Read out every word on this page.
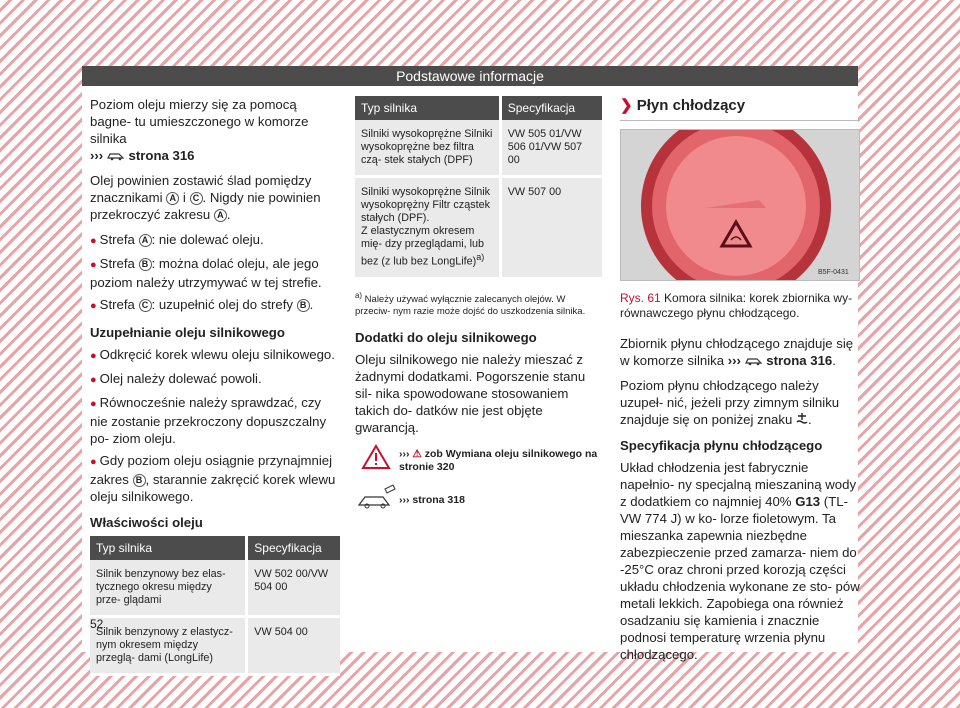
Podstawowe informacje

Poziom oleju mierzy się za pomocą bagne- tu umieszczonego w komorze silnika
››› strona 316

Olej powinien zostawić ślad pomiędzy znacznikami A i C . Nigdy nie powinien przekroczyć zakresu A .

● Strefa A : nie dolewać oleju.
● Strefa B : można dolać oleju, ale jego poziom należy utrzymywać w tej strefie.
● Strefa C : uzupełnić olej do strefy B .
Uzupełnianie oleju silnikowego
● Odkręcić korek wlewu oleju silnikowego.
● Olej należy dolewać powoli.
● Równocześnie należy sprawdzać, czy nie zostanie przekroczony dopuszczalny po- ziom oleju.
● Gdy poziom oleju osiągnie przynajmniej zakres B , starannie zakręcić korek wlewu oleju silnikowego.
Właściwości oleju
Typ silnika	Specyfikacja
Silnik benzynowy bez elas- tycznego okresu między prze- glądami	VW 502 00/VW 504 00
Silnik benzynowy z elastycz- nym okresem między przeglą- dami (LongLife)	VW 504 00
Typ silnika	Specyfikacja
Silniki wysokoprężne Silniki wysokoprężne bez filtra czą- stek stałych (DPF)	VW 505 01/VW 506 01/VW 507 00
Silniki wysokoprężne Silnik wysokoprężny Filtr cząstek stałych (DPF).
Z elastycznym okresem mię- dzy przeglądami, lub bez (z lub bez LongLife)$^{a)}$	VW 507 00
$^{a)}$ Należy używać wyłącznie zalecanych olejów. W przeciw- nym razie może dojść do uszkodzenia silnika.
Dodatki do oleju silnikowego

Oleju silnikowego nie należy mieszać z żadnymi dodatkami. Pogorszenie stanu sil- nika spowodowane stosowaniem takich do- datków nie jest objęte gwarancją.

››› ⚠ zob Wymiana oleju silnikowego na stronie 320
››› strona 318
❯ Płyn chłodzący
B5F-0431
Rys. 61 Komora silnika: korek zbiornika wy- równawczego płynu chłodzącego.

Zbiornik płynu chłodzącego znajduje się w komorze silnika ››› strona 316.

Poziom płynu chłodzącego należy uzupeł- nić, jeżeli przy zimnym silniku znajduje się on poniżej znaku .

Specyfikacja płynu chłodzącego

Układ chłodzenia jest fabrycznie napełnio- ny specjalną mieszaniną wody z dodatkiem co najmniej 40% G13 (TL-VW 774 J) w ko- lorze fioletowym. Ta mieszanka zapewnia niezbędne zabezpieczenie przed zamarza- niem do -25°C oraz chroni przed korozją części układu chłodzenia wykonane ze sto- pów metali lekkich. Zapobiega ona również osadzaniu się kamienia i znacznie podnosi temperaturę wrzenia płynu chłodzącego.

52
